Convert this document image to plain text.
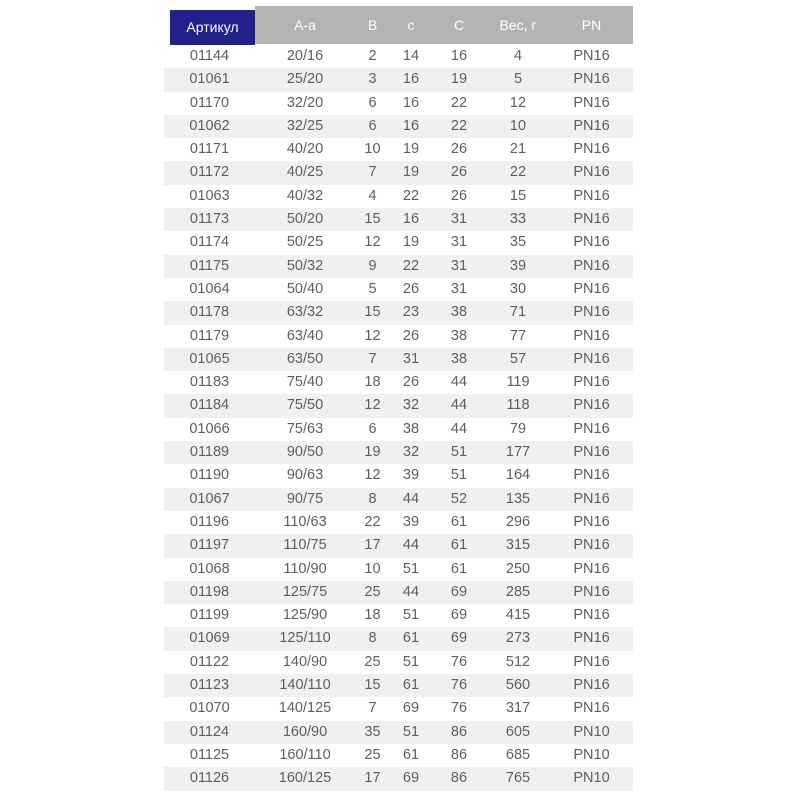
Артикул	А-а	В	с	С	Вес, г	PN
01144	20/16	2	14	16	4	PN16
01061	25/20	3	16	19	5	PN16
01170	32/20	6	16	22	12	PN16
01062	32/25	6	16	22	10	PN16
01171	40/20	10	19	26	21	PN16
01172	40/25	7	19	26	22	PN16
01063	40/32	4	22	26	15	PN16
01173	50/20	15	16	31	33	PN16
01174	50/25	12	19	31	35	PN16
01175	50/32	9	22	31	39	PN16
01064	50/40	5	26	31	30	PN16
01178	63/32	15	23	38	71	PN16
01179	63/40	12	26	38	77	PN16
01065	63/50	7	31	38	57	PN16
01183	75/40	18	26	44	119	PN16
01184	75/50	12	32	44	118	PN16
01066	75/63	6	38	44	79	PN16
01189	90/50	19	32	51	177	PN16
01190	90/63	12	39	51	164	PN16
01067	90/75	8	44	52	135	PN16
01196	110/63	22	39	61	296	PN16
01197	110/75	17	44	61	315	PN16
01068	110/90	10	51	61	250	PN16
01198	125/75	25	44	69	285	PN16
01199	125/90	18	51	69	415	PN16
01069	125/110	8	61	69	273	PN16
01122	140/90	25	51	76	512	PN16
01123	140/110	15	61	76	560	PN16
01070	140/125	7	69	76	317	PN16
01124	160/90	35	51	86	605	PN10
01125	160/110	25	61	86	685	PN10
01126	160/125	17	69	86	765	PN10
